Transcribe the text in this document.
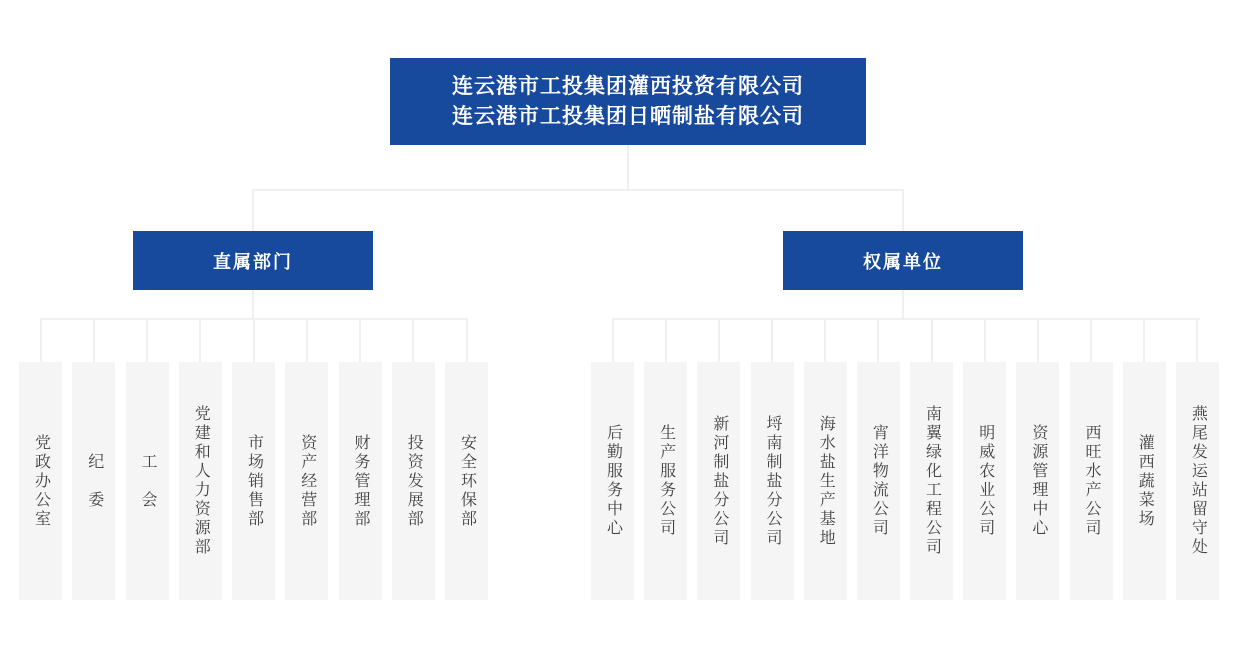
连云港市工投集团灌西投资有限公司
连云港市工投集团日晒制盐有限公司
直属部门	权属单位
党政办公室 纪　委 工　会 党建和人力资源部 市场销售部 资产经营部 财务管理部 投资发展部 安全环保部	后勤服务中心 生产服务公司 新河制盐分公司 埒南制盐分公司 海水盐生产基地 宵洋物流公司 南翼绿化工程公司 明威农业公司 资源管理中心 西旺水产公司 灌西蔬菜场 燕尾发运站留守处
